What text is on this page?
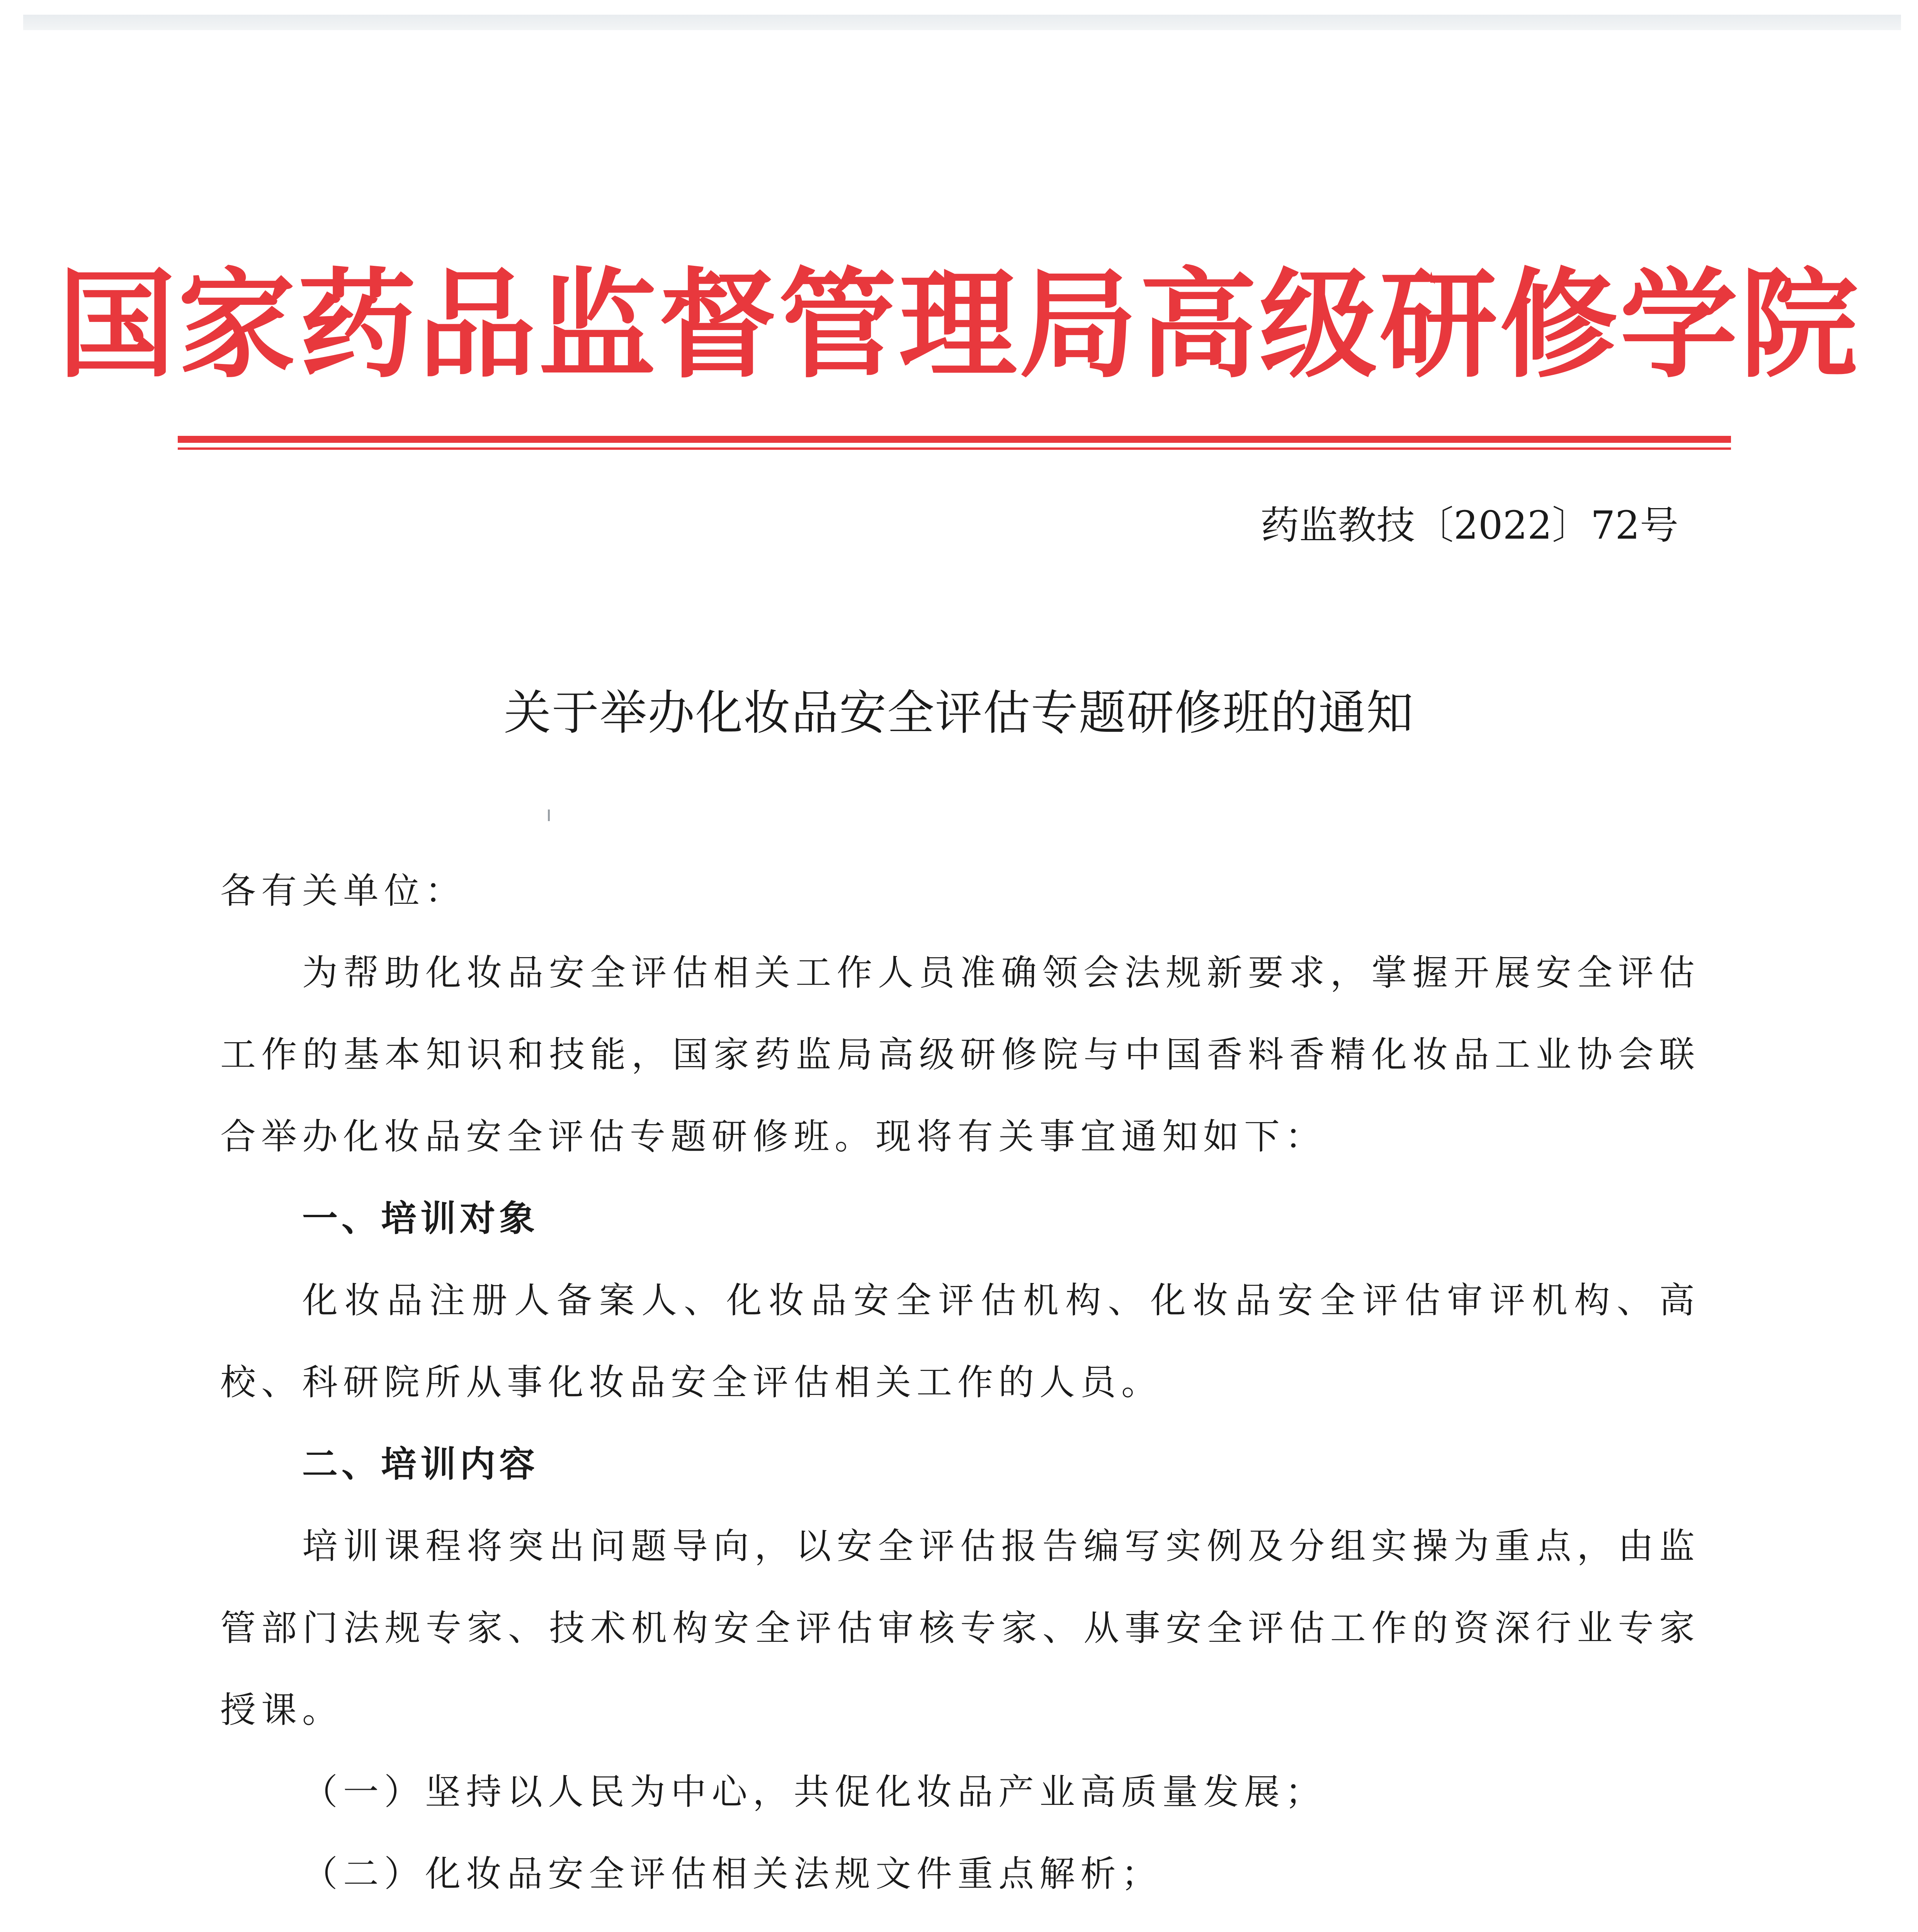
国家药品监督管理局高级研修学院
药监教技〔2022〕72号
关于举办化妆品安全评估专题研修班的通知

各有关单位：

为帮助化妆品安全评估相关工作人员准确领会法规新要求，掌握开展安全评估工作的基本知识和技能，国家药监局高级研修院与中国香料香精化妆品工业协会联合举办化妆品安全评估专题研修班。现将有关事宜通知如下：

一、培训对象

化妆品注册人备案人、化妆品安全评估机构、化妆品安全评估审评机构、高校、科研院所从事化妆品安全评估相关工作的人员。

二、培训内容

培训课程将突出问题导向，以安全评估报告编写实例及分组实操为重点，由监管部门法规专家、技术机构安全评估审核专家、从事安全评估工作的资深行业专家授课。

（一）坚持以人民为中心，共促化妆品产业高质量发展；

（二）化妆品安全评估相关法规文件重点解析；
